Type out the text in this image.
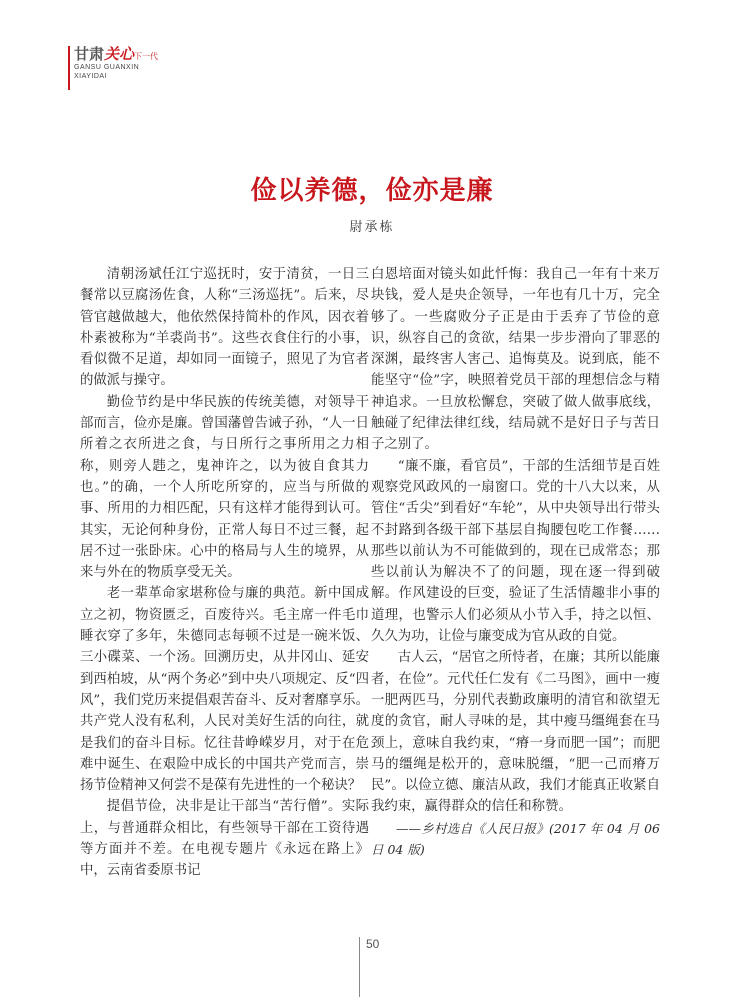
甘肃关心下一代
GANSU GUANXIN
XIAYIDAI
俭以养德，俭亦是廉
尉承栋

清朝汤斌任江宁巡抚时，安于清贫，一日三餐常以豆腐汤佐食，人称“三汤巡抚”。后来，尽管官越做越大，他依然保持简朴的作风，因衣着朴素被称为“羊裘尚书”。这些衣食住行的小事，看似微不足道，却如同一面镜子，照见了为官者的做派与操守。

勤俭节约是中华民族的传统美德，对领导干部而言，俭亦是廉。曾国藩曾告诫子孙，“人一日所着之衣所进之食，与日所行之事所用之力相称，则旁人韪之，鬼神许之，以为彼自食其力也。”的确，一个人所吃所穿的，应当与所做的事、所用的力相匹配，只有这样才能得到认可。其实，无论何种身份，正常人每日不过三餐，起居不过一张卧床。心中的格局与人生的境界，从来与外在的物质享受无关。

老一辈革命家堪称俭与廉的典范。新中国成立之初，物资匮乏，百废待兴。毛主席一件毛巾睡衣穿了多年，朱德同志每顿不过是一碗米饭、三小碟菜、一个汤。回溯历史，从井冈山、延安到西柏坡，从“两个务必”到中央八项规定、反“四风”，我们党历来提倡艰苦奋斗、反对奢靡享乐。共产党人没有私利，人民对美好生活的向往，就是我们的奋斗目标。忆往昔峥嵘岁月，对于在危难中诞生、在艰险中成长的中国共产党而言，崇扬节俭精神又何尝不是葆有先进性的一个秘诀？

提倡节俭，决非是让干部当“苦行僧”。实际上，与普通群众相比，有些领导干部在工资待遇等方面并不差。在电视专题片《永远在路上》中，云南省委原书记

白恩培面对镜头如此忏悔：我自己一年有十来万块钱，爱人是央企领导，一年也有几十万，完全够了。一些腐败分子正是由于丢弃了节俭的意识，纵容自己的贪欲，结果一步步滑向了罪恶的深渊，最终害人害己、追悔莫及。说到底，能不能坚守“俭”字，映照着党员干部的理想信念与精神追求。一旦放松懈怠，突破了做人做事底线，触碰了纪律法律红线，结局就不是好日子与苦日子之别了。

“廉不廉，看官员”，干部的生活细节是百姓观察党风政风的一扇窗口。党的十八大以来，从管住“舌尖”到看好“车轮”，从中央领导出行带头不封路到各级干部下基层自掏腰包吃工作餐……那些以前认为不可能做到的，现在已成常态；那些以前认为解决不了的问题，现在逐一得到破解。作风建设的巨变，验证了生活情趣非小事的道理，也警示人们必须从小节入手，持之以恒、久久为功，让俭与廉变成为官从政的自觉。

古人云，“居官之所恃者，在廉；其所以能廉者，在俭”。元代任仁发有《二马图》，画中一瘦一肥两匹马，分别代表勤政廉明的清官和欲望无度的贪官，耐人寻味的是，其中瘦马缰绳套在马颈上，意味自我约束，“瘠一身而肥一国”；而肥马的缰绳是松开的，意味脱缰，“肥一己而瘠万民”。以俭立德、廉洁从政，我们才能真正收紧自我约束，赢得群众的信任和称赞。

——乡村选自《人民日报》(2017 年 04 月 06 日 04 版)

50
